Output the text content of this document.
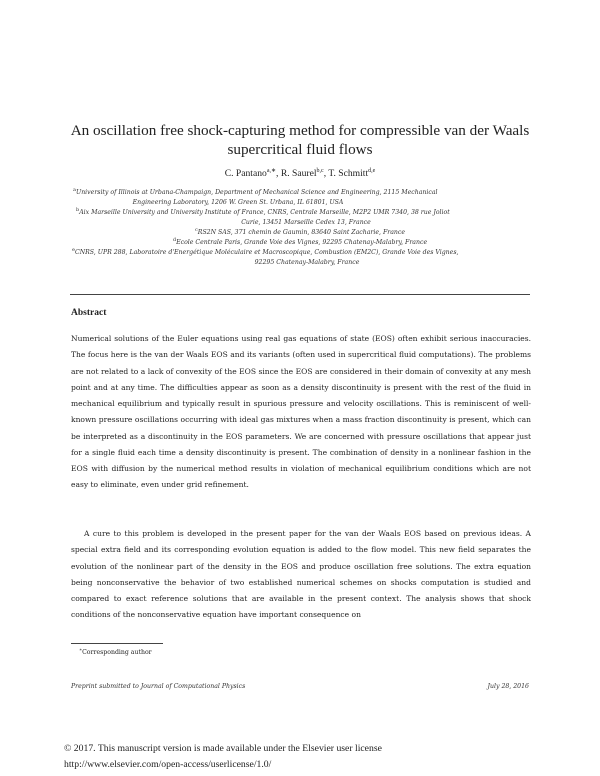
An oscillation free shock-capturing method for compressible van der Waals
supercritical fluid flows
C. Pantano$^{a,∗}$, R. Saurel$^{b,c}$, T. Schmitt$^{d,e}$
$^a$University of Illinois at Urbana-Champaign, Department of Mechanical Science and Engineering, 2115 Mechanical
Engineering Laboratory, 1206 W. Green St. Urbana, IL 61801, USA
$^b$Aix Marseille University and University Institute of France, CNRS, Centrale Marseille, M2P2 UMR 7340, 38 rue Joliot
Curie, 13451 Marseille Cedex 13, France
$^c$RS2N SAS, 371 chemin de Gaumin, 83640 Saint Zacharie, France
$^d$Ecole Centrale Paris, Grande Voie des Vignes, 92295 Chatenay-Malabry, France
$^e$CNRS, UPR 288, Laboratoire d'Energétique Moléculaire et Macroscopique, Combustion (EM2C), Grande Voie des Vignes,
92295 Chatenay-Malabry, France
Abstract

Numerical solutions of the Euler equations using real gas equations of state (EOS) often exhibit serious inaccuracies. The focus here is the van der Waals EOS and its variants (often used in supercritical fluid computations). The problems are not related to a lack of convexity of the EOS since the EOS are considered in their domain of convexity at any mesh point and at any time. The difficulties appear as soon as a density discontinuity is present with the rest of the fluid in mechanical equilibrium and typically result in spurious pressure and velocity oscillations. This is reminiscent of well-known pressure oscillations occurring with ideal gas mixtures when a mass fraction discontinuity is present, which can be interpreted as a discontinuity in the EOS parameters. We are concerned with pressure oscillations that appear just for a single fluid each time a density discontinuity is present. The combination of density in a nonlinear fashion in the EOS with diffusion by the numerical method results in violation of mechanical equilibrium conditions which are not easy to eliminate, even under grid refinement.

A cure to this problem is developed in the present paper for the van der Waals EOS based on previous ideas. A special extra field and its corresponding evolution equation is added to the flow model. This new field separates the evolution of the nonlinear part of the density in the EOS and produce oscillation free solutions. The extra equation being nonconservative the behavior of two established numerical schemes on shocks computation is studied and compared to exact reference solutions that are available in the present context. The analysis shows that shock conditions of the nonconservative equation have important consequence on

∗Corresponding author
Preprint submitted to Journal of Computational Physics	July 28, 2016
© 2017. This manuscript version is made available under the Elsevier user license
http://www.elsevier.com/open-access/userlicense/1.0/
